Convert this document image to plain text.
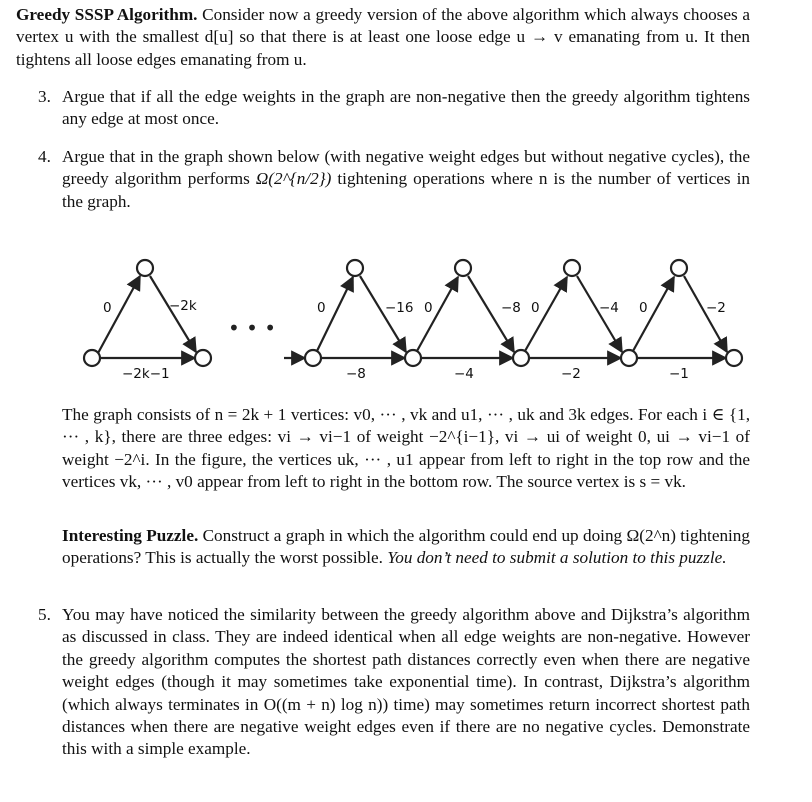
Greedy SSSP Algorithm. Consider now a greedy version of the above algorithm which always chooses a vertex u with the smallest d[u] so that there is at least one loose edge u → v emanating from u. It then tightens all loose edges emanating from u.
3. Argue that if all the edge weights in the graph are non-negative then the greedy algorithm tightens any edge at most once.
4. Argue that in the graph shown below (with negative weight edges but without negative cycles), the greedy algorithm performs Ω(2^{n/2}) tightening operations where n is the number of vertices in the graph.
• • •
0	−2k	0	−16 0	−8 0	−4 0	−2
−2k−1	−8	−4	−2	−1
The graph consists of n = 2k + 1 vertices: v0, ··· , vk and u1, ··· , uk and 3k edges. For each i ∈ {1, ··· , k}, there are three edges: vi → vi−1 of weight −2^{i−1}, vi → ui of weight 0, ui → vi−1 of weight −2^i. In the figure, the vertices uk, ··· , u1 appear from left to right in the top row and the vertices vk, ··· , v0 appear from left to right in the bottom row. The source vertex is s = vk.
Interesting Puzzle. Construct a graph in which the algorithm could end up doing Ω(2^n) tightening operations? This is actually the worst possible. You don’t need to submit a solution to this puzzle.
5. You may have noticed the similarity between the greedy algorithm above and Dijkstra’s algorithm as discussed in class. They are indeed identical when all edge weights are non-negative. However the greedy algorithm computes the shortest path distances correctly even when there are negative weight edges (though it may sometimes take exponential time). In contrast, Dijkstra’s algorithm (which always terminates in O((m + n) log n)) time) may sometimes return incorrect shortest path distances when there are negative weight edges even if there are no negative cycles. Demonstrate this with a simple example.
